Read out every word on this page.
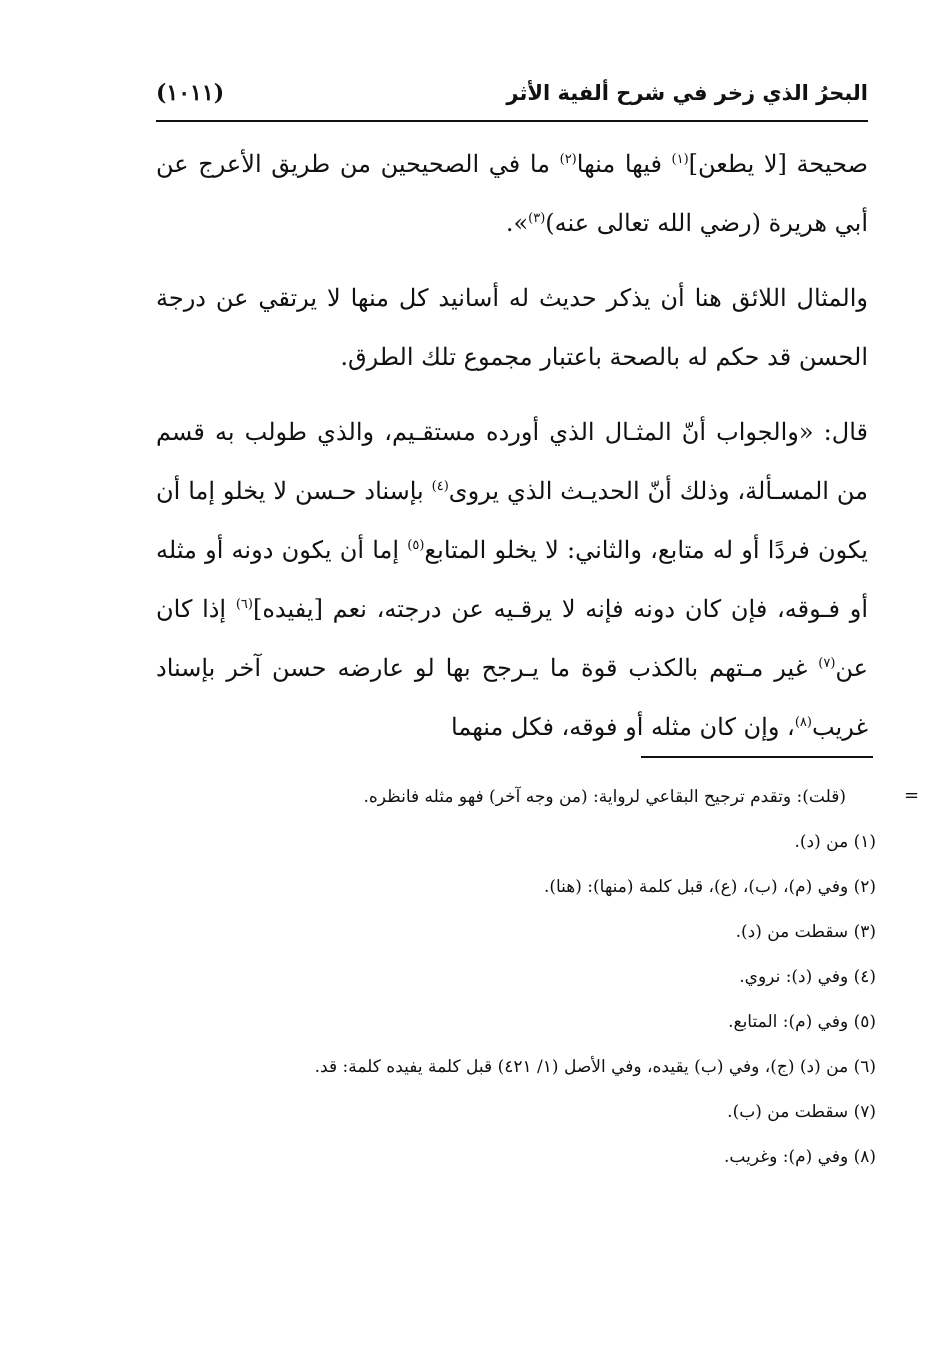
البحرُ الذي زخر في شرح ألفية الأثر
(١٠١١)

صحيحة [لا يطعن]$^{(١)}$ فيها منها$^{(٢)}$ ما في الصحيحين من طريق الأعرج عن أبي هريرة (رضي الله تعالى عنه)$^{(٣)}$».

والمثال اللائق هنا أن يذكر حديث له أسانيد كل منها لا يرتقي عن درجة الحسن قد حكم له بالصحة باعتبار مجموع تلك الطرق.

قال: «والجواب أنّ المثـال الذي أورده مستقـيم، والذي طولب به قسم من المسـألة، وذلك أنّ الحديـث الذي يروى$^{(٤)}$ بإسناد حـسن لا يخلو إما أن يكون فردًا أو له متابع، والثاني: لا يخلو المتابع$^{(٥)}$ إما أن يكون دونه أو مثله أو فـوقه، فإن كان دونه فإنه لا يرقـيه عن درجته، نعم [يفيده]$^{(٦)}$ إذا كان عن$^{(٧)}$ غير مـتهم بالكذب قوة ما يـرجح بها لو عارضه حسن آخر بإسناد غريب$^{(٨)}$، وإن كان مثله أو فوقه، فكل منهما

=
(قلت): وتقدم ترجيح البقاعي لرواية: (من وجه آخر) فهو مثله فانظره.
(١) من (د).
(٢) وفي (م)، (ب)، (ع)، قبل كلمة (منها): (هنا).
(٣) سقطت من (د).
(٤) وفي (د): نروي.
(٥) وفي (م): المتابع.
(٦) من (د) (ج)، وفي (ب) يقيده، وفي الأصل (١/ ٤٢١) قبل كلمة يفيده كلمة: قد.
(٧) سقطت من (ب).
(٨) وفي (م): وغريب.
